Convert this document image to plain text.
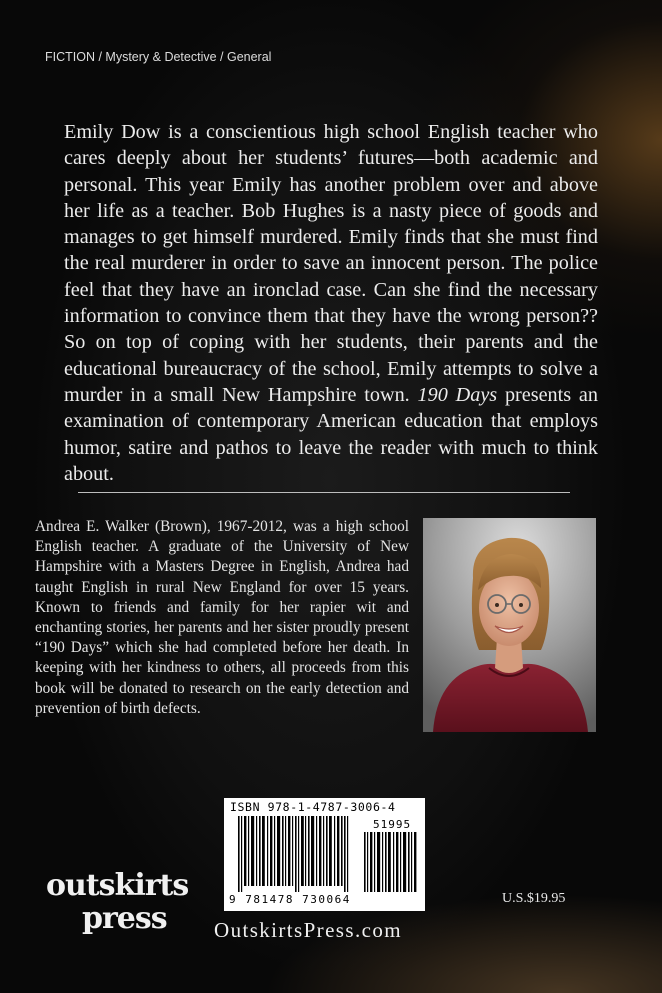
FICTION / Mystery & Detective / General
Emily Dow is a conscientious high school English teacher who cares deeply about her students’ futures—both academic and personal. This year Emily has another problem over and above her life as a teacher. Bob Hughes is a nasty piece of goods and manages to get himself murdered. Emily finds that she must find the real murderer in order to save an innocent person. The police feel that they have an ironclad case. Can she find the necessary information to convince them that they have the wrong person?? So on top of coping with her students, their parents and the educational bureaucracy of the school, Emily attempts to solve a murder in a small New Hampshire town. 190 Days presents an examination of contemporary American education that employs humor, satire and pathos to leave the reader with much to think about.
Andrea E. Walker (Brown), 1967-2012, was a high school English teacher. A graduate of the University of New Hampshire with a Masters Degree in English, Andrea had taught English in rural New England for over 15 years. Known to friends and family for her rapier wit and enchanting stories, her parents and her sister proudly present “190 Days” which she had completed before her death. In keeping with her kindness to others, all proceeds from this book will be donated to research on the early detection and prevention of birth defects.
ISBN 978-1-4787-3006-4
51995
9 781478 730064
outskirts
press
U.S.$19.95
OutskirtsPress.com
